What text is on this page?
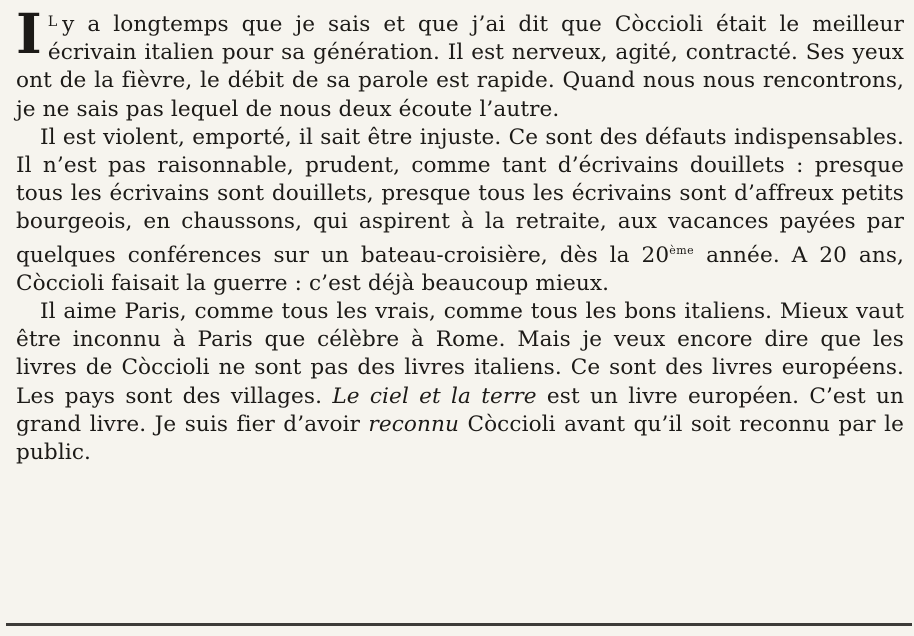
I $^L$ y a longtemps que je sais et que j’ai dit que Còccioli était le meilleur écrivain italien pour sa génération. Il est nerveux, agité, contracté. Ses yeux ont de la fièvre, le débit de sa parole est rapide. Quand nous nous rencontrons, je ne sais pas lequel de nous deux écoute l’autre.

Il est violent, emporté, il sait être injuste. Ce sont des défauts indispensables. Il n’est pas raisonnable, prudent, comme tant d’écrivains douillets : presque tous les écrivains sont douillets, presque tous les écrivains sont d’affreux petits bourgeois, en chaussons, qui aspirent à la retraite, aux vacances payées par quelques conférences sur un bateau-croisière, dès la 20ème année. A 20 ans, Còccioli faisait la guerre : c’est déjà beaucoup mieux.

Il aime Paris, comme tous les vrais, comme tous les bons italiens. Mieux vaut être inconnu à Paris que célèbre à Rome. Mais je veux encore dire que les livres de Còccioli ne sont pas des livres italiens. Ce sont des livres européens. Les pays sont des villages. Le ciel et la terre est un livre européen. C’est un grand livre. Je suis fier d’avoir reconnu Còccioli avant qu’il soit reconnu par le public.
